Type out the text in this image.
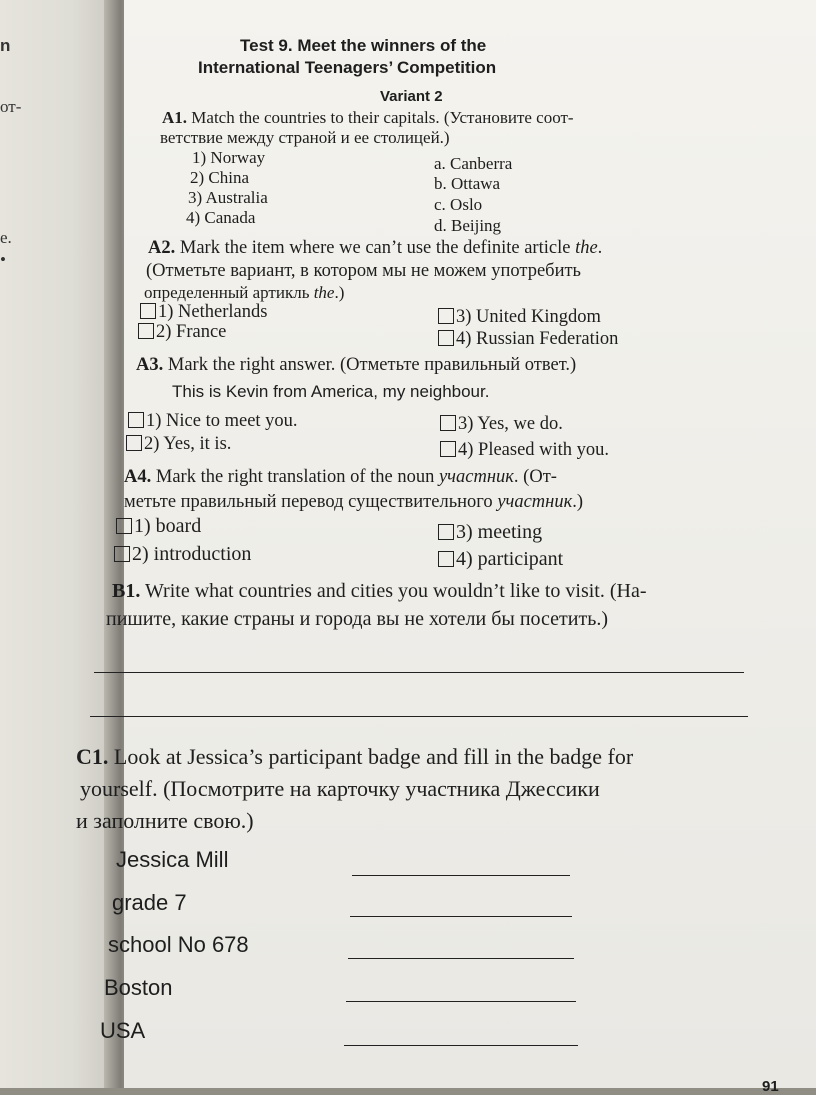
n
от-
e.
•
Test 9. Meet the winners of the
International Teenagers’ Competition
Variant 2
A1. Match the countries to their capitals. (Установите соот-
ветствие между страной и ее столицей.)
1) Norway
2) China
3) Australia
4) Canada
a. Canberra
b. Ottawa
c. Oslo
d. Beijing
A2. Mark the item where we can’t use the definite article the.
(Отметьте вариант, в котором мы не можем употребить
определенный артикль the.)
1) Netherlands
2) France
3) United Kingdom
4) Russian Federation
A3. Mark the right answer. (Отметьте правильный ответ.)
This is Kevin from America, my neighbour.
1) Nice to meet you.
2) Yes, it is.
3) Yes, we do.
4) Pleased with you.
A4. Mark the right translation of the noun участник. (От-
метьте правильный перевод существительного участник.)
1) board
2) introduction
3) meeting
4) participant
B1. Write what countries and cities you wouldn’t like to visit. (На-
пишите, какие страны и города вы не хотели бы посетить.)
C1. Look at Jessica’s participant badge and fill in the badge for
yourself. (Посмотрите на карточку участника Джессики
и заполните свою.)
Jessica Mill
grade 7
school No 678
Boston
USA
91
